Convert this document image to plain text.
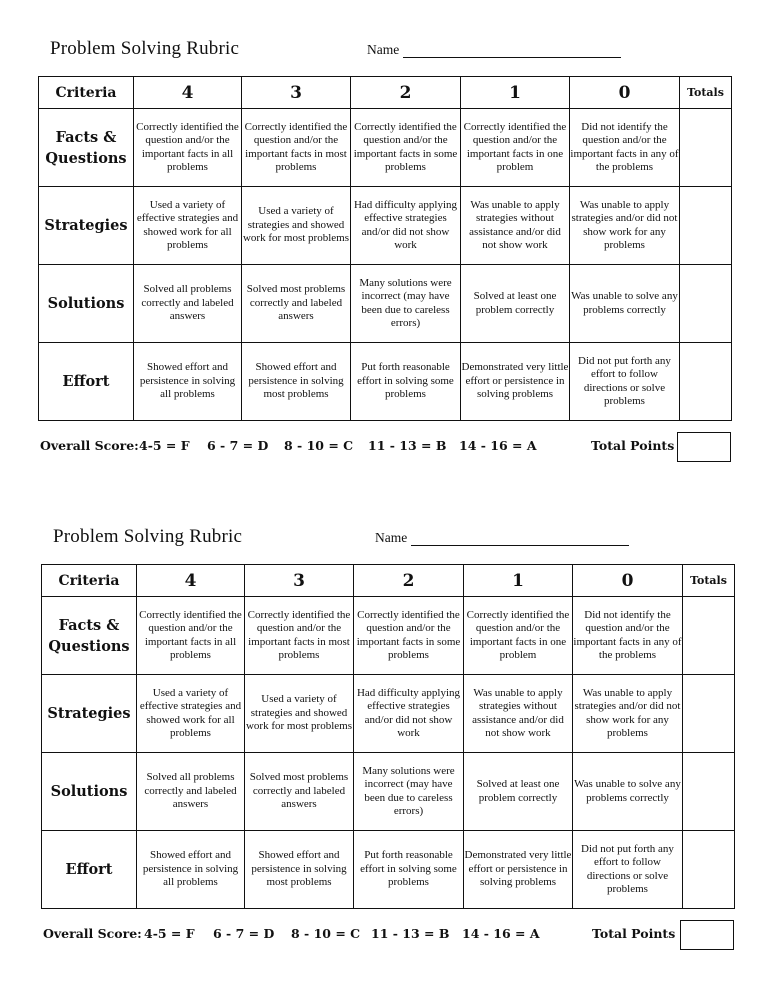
Problem Solving Rubric	Name
Criteria	4	3	2	1	0	Totals
Facts & Questions	Correctly identified the question and/or the important facts in all problems	Correctly identified the question and/or the important facts in most problems	Correctly identified the question and/or the important facts in some problems	Correctly identified the question and/or the important facts in one problem	Did not identify the question and/or the important facts in any of the problems	
Strategies	Used a variety of effective strategies and showed work for all problems	Used a variety of strategies and showed work for most problems	Had difficulty applying effective strategies and/or did not show work	Was unable to apply strategies without assistance and/or did not show work	Was unable to apply strategies and/or did not show work for any problems	
Solutions	Solved all problems correctly and labeled answers	Solved most problems correctly and labeled answers	Many solutions were incorrect (may have been due to careless errors)	Solved at least one problem correctly	Was unable to solve any problems correctly	
Effort	Showed effort and persistence in solving all problems	Showed effort and persistence in solving most problems	Put forth reasonable effort in solving some problems	Demonstrated very little effort or persistence in solving problems	Did not put forth any effort to follow directions or solve problems	
Overall Score: 4-5 = F	6 - 7 = D	8 - 10 = C	11 - 13 = B	14 - 16 = A	Total Points
Problem Solving Rubric	Name
Criteria	4	3	2	1	0	Totals
Facts & Questions	Correctly identified the question and/or the important facts in all problems	Correctly identified the question and/or the important facts in most problems	Correctly identified the question and/or the important facts in some problems	Correctly identified the question and/or the important facts in one problem	Did not identify the question and/or the important facts in any of the problems	
Strategies	Used a variety of effective strategies and showed work for all problems	Used a variety of strategies and showed work for most problems	Had difficulty applying effective strategies and/or did not show work	Was unable to apply strategies without assistance and/or did not show work	Was unable to apply strategies and/or did not show work for any problems	
Solutions	Solved all problems correctly and labeled answers	Solved most problems correctly and labeled answers	Many solutions were incorrect (may have been due to careless errors)	Solved at least one problem correctly	Was unable to solve any problems correctly	
Effort	Showed effort and persistence in solving all problems	Showed effort and persistence in solving most problems	Put forth reasonable effort in solving some problems	Demonstrated very little effort or persistence in solving problems	Did not put forth any effort to follow directions or solve problems	
Overall Score: 4-5 = F	6 - 7 = D	8 - 10 = C 11 - 13 = B	14 - 16 = A	Total Points
